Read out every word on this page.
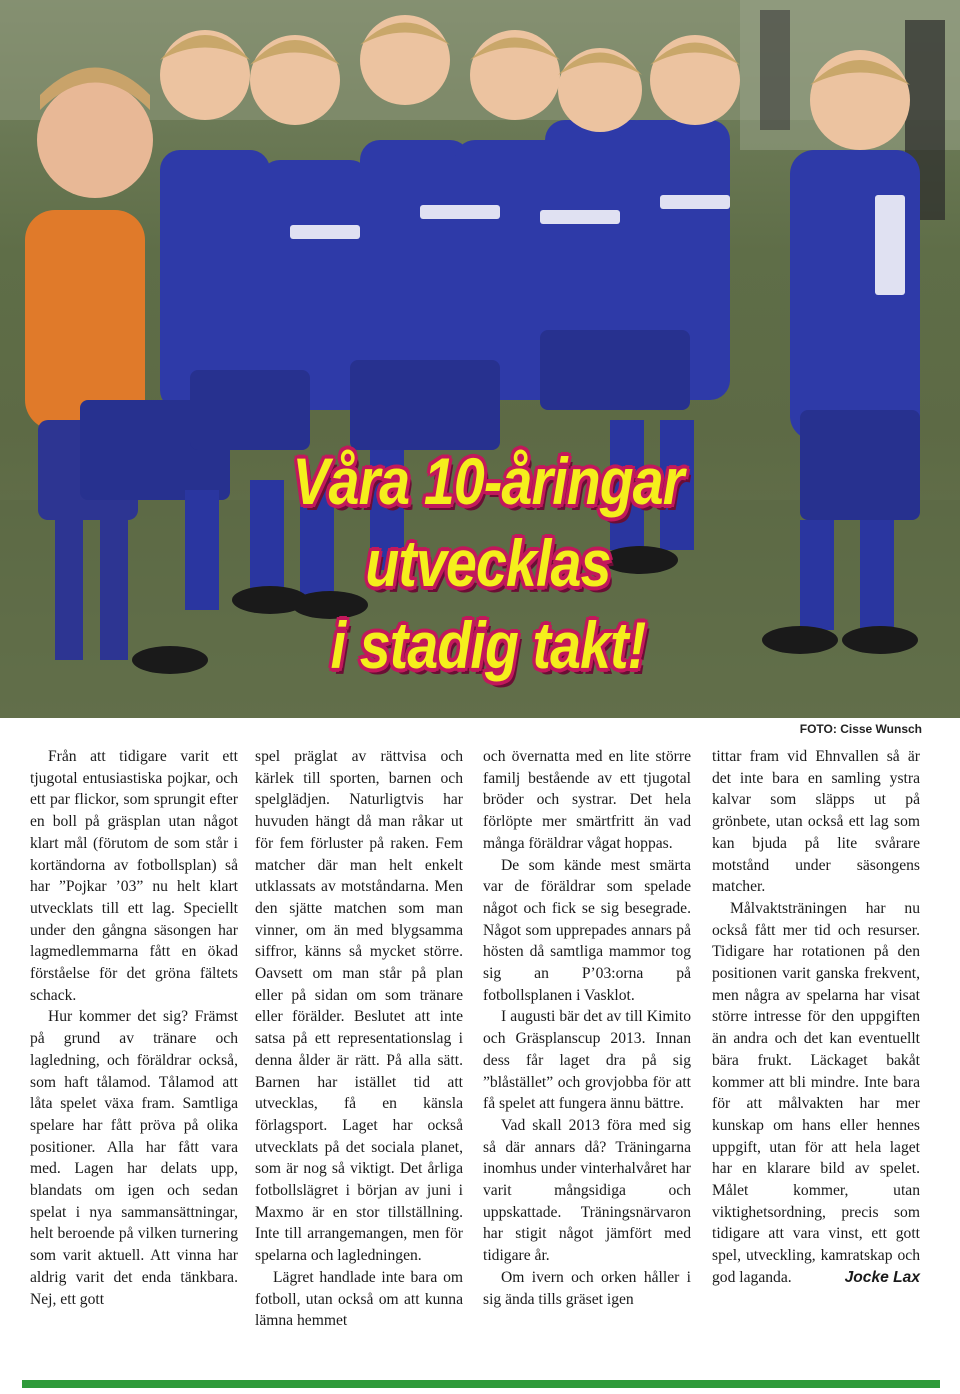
Våra 10-åringar
utvecklas
i stadig takt!
FOTO: Cisse Wunsch

Från att tidigare varit ett tjugotal entusiastiska pojkar, och ett par flickor, som sprungit efter en boll på gräsplan utan något klart mål (förutom de som står i kortändorna av fotbollsplan) så har ”Pojkar ’03” nu helt klart utvecklats till ett lag. Speciellt under den gångna säsongen har lagmedlemmarna fått en ökad förståelse för det gröna fältets schack.

Hur kommer det sig? Främst på grund av tränare och lagledning, och föräldrar också, som haft tålamod. Tålamod att låta spelet växa fram. Samtliga spelare har fått pröva på olika positioner. Alla har fått vara med. Lagen har delats upp, blandats om igen och sedan spelat i nya sammansättningar, helt beroende på vilken turnering som varit aktuell. Att vinna har aldrig varit det enda tänkbara. Nej, ett gott

spel präglat av rättvisa och kärlek till sporten, barnen och spelglädjen. Naturligtvis har huvuden hängt då man råkar ut för fem förluster på raken. Fem matcher där man helt enkelt utklassats av motståndarna. Men den sjätte matchen som man vinner, om än med blygsamma siffror, känns så mycket större. Oavsett om man står på plan eller på sidan om som tränare eller förälder. Beslutet att inte satsa på ett representationslag i denna ålder är rätt. På alla sätt. Barnen har istället tid att utvecklas, få en känsla förlagsport. Laget har också utvecklats på det sociala planet, som är nog så viktigt. Det årliga fotbollslägret i början av juni i Maxmo är en stor tillställning. Inte till arrangemangen, men för spelarna och lagledningen.

Lägret handlade inte bara om fotboll, utan också om att kunna lämna hemmet

och övernatta med en lite större familj bestående av ett tjugotal bröder och systrar. Det hela förlöpte mer smärtfritt än vad många föräldrar vågat hoppas.

De som kände mest smärta var de föräldrar som spelade något och fick se sig besegrade. Något som upprepades annars på hösten då samtliga mammor tog sig an P’03:orna på fotbollsplanen i Vasklot.

I augusti bär det av till Kimito och Gräsplanscup 2013. Innan dess får laget dra på sig ”blåstället” och grovjobba för att få spelet att fungera ännu bättre.

Vad skall 2013 föra med sig så där annars då? Träningarna inomhus under vinterhalvåret har varit mångsidiga och uppskattade. Träningsnärvaron har stigit något jämfört med tidigare år.

Om ivern och orken håller i sig ända tills gräset igen

tittar fram vid Ehnvallen så är det inte bara en samling ystra kalvar som släpps ut på grönbete, utan också ett lag som kan bjuda på lite svårare motstånd under säsongens matcher.

Målvaktsträningen har nu också fått mer tid och resurser. Tidigare har rotationen på den positionen varit ganska frekvent, men några av spelarna har visat större intresse för den uppgiften än andra och det kan eventuellt bära frukt. Läckaget bakåt kommer att bli mindre. Inte bara för att målvakten har mer kunskap om hans eller hennes uppgift, utan för att hela laget har en klarare bild av spelet. Målet kommer, utan viktighetsordning, precis som tidigare att vara vinst, ett gott spel, utveckling, kamratskap och god laganda.	Jocke Lax
